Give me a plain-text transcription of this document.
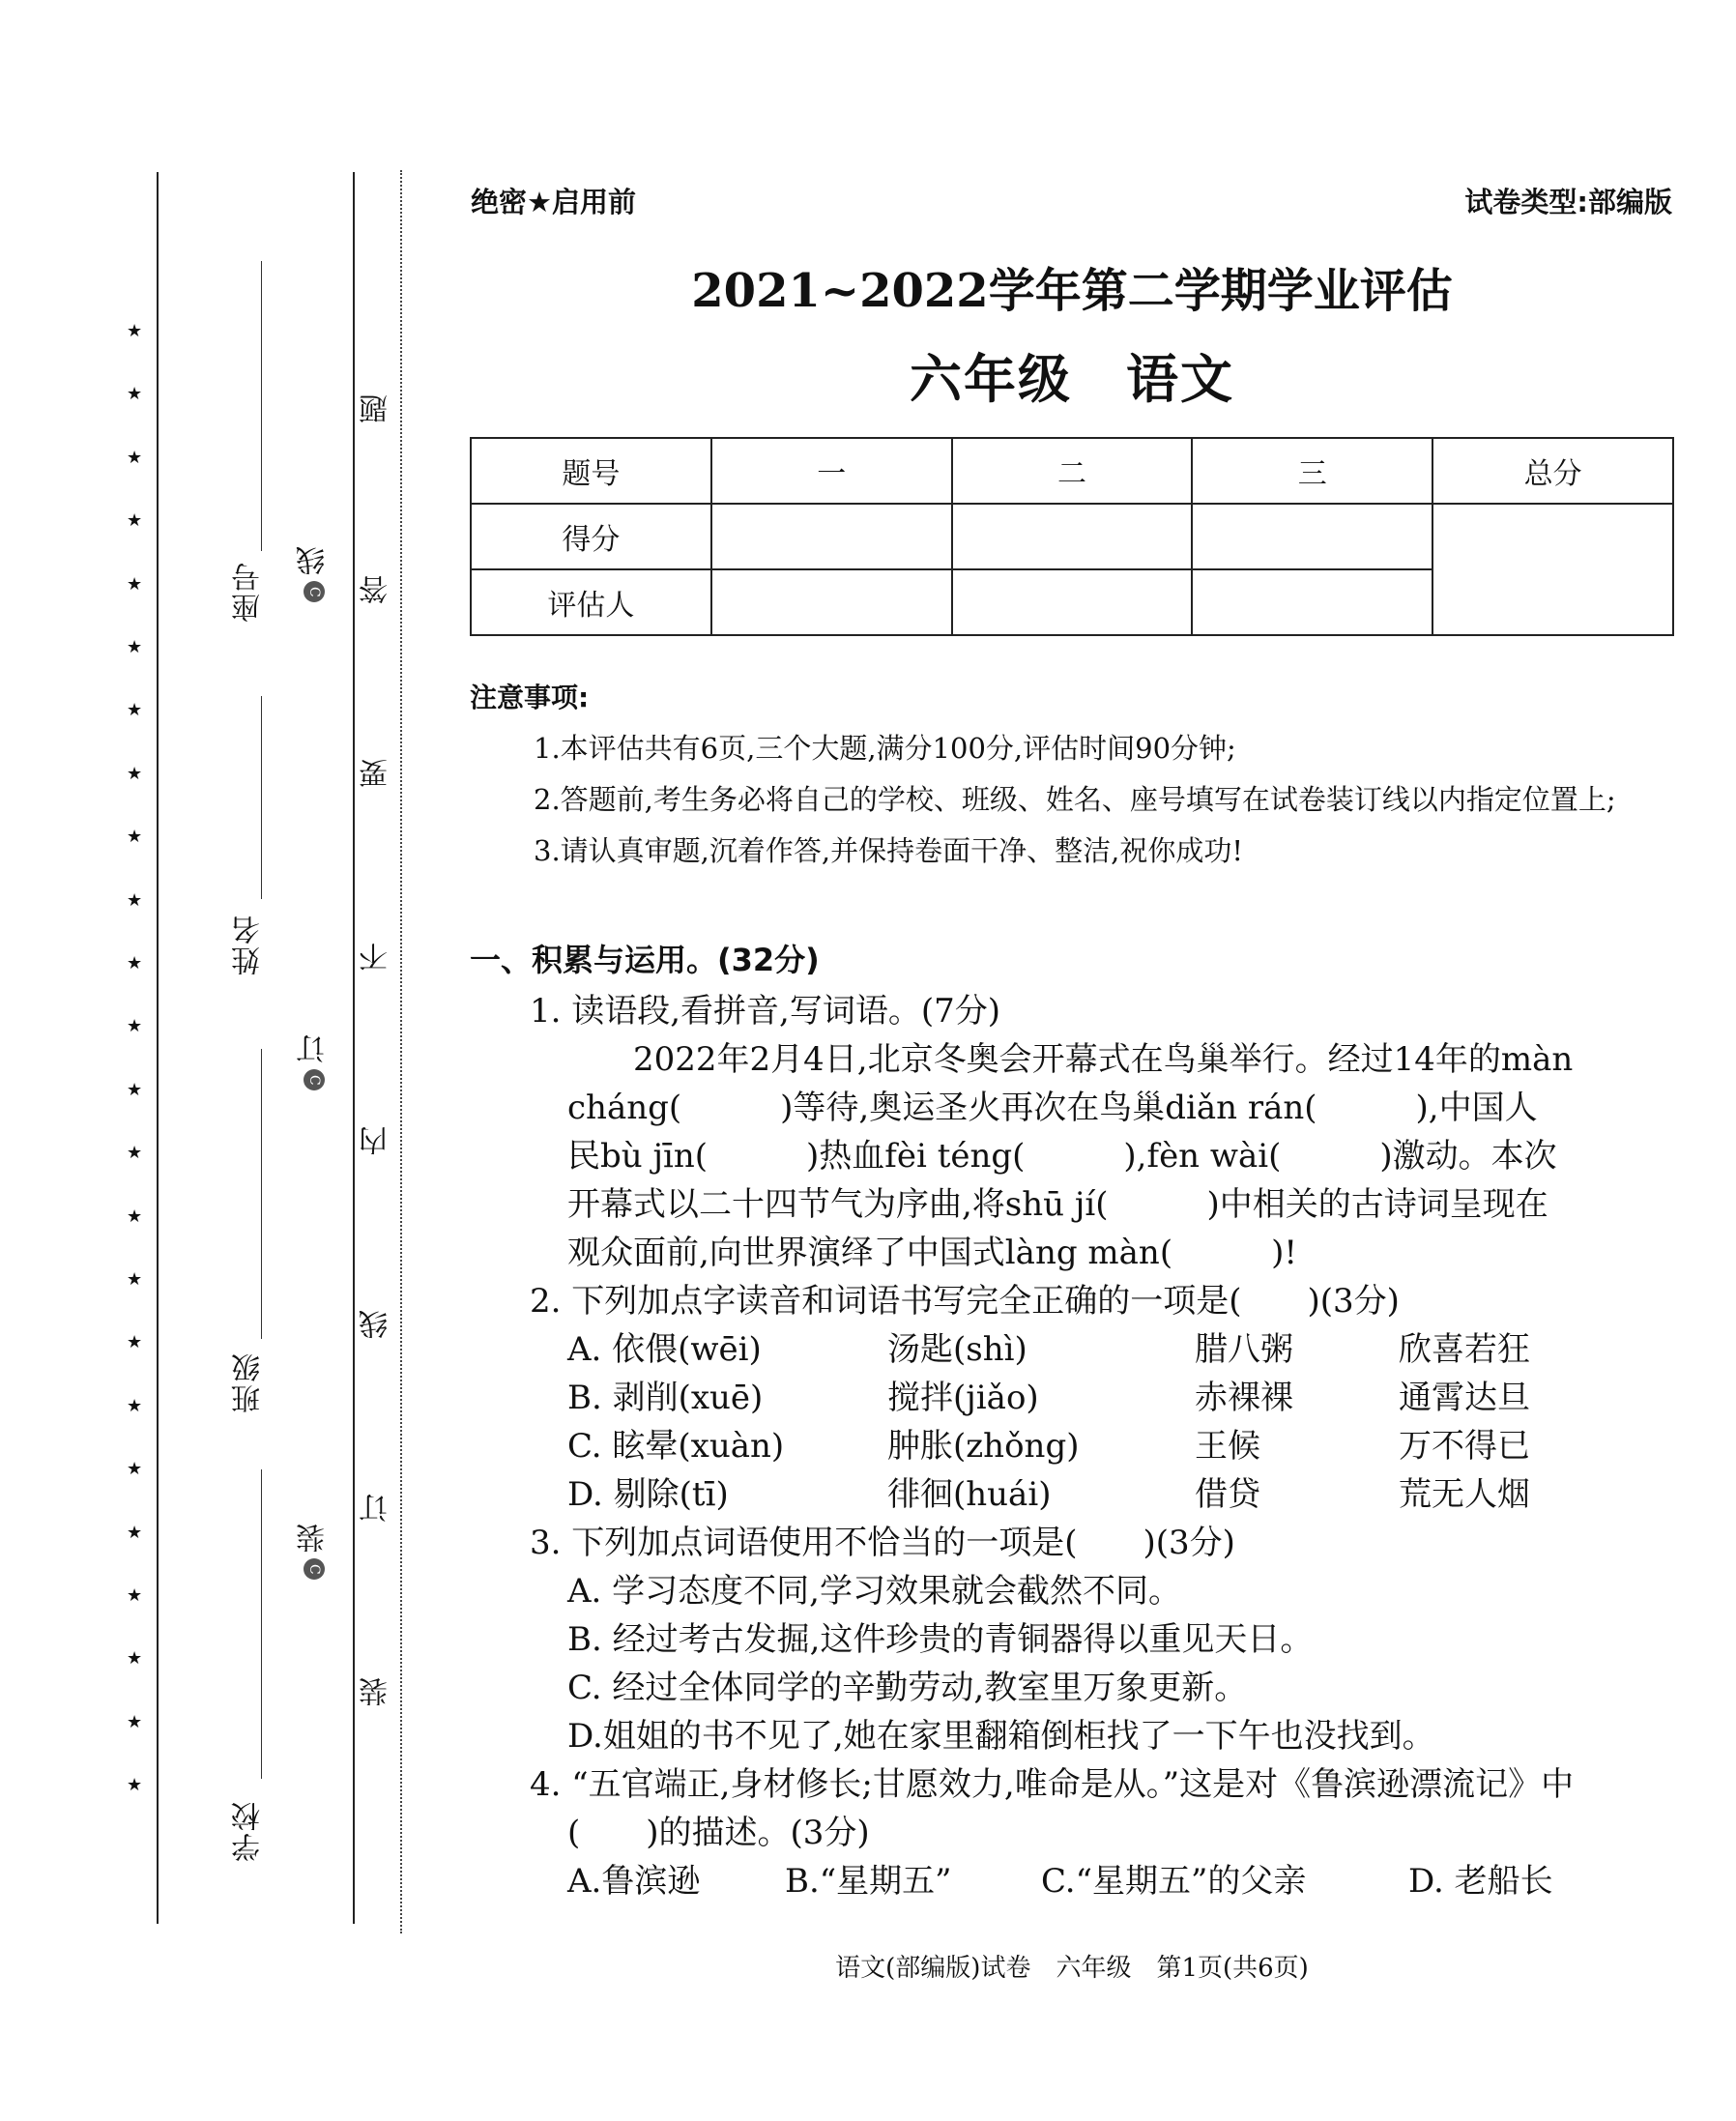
★
★
★
★
★
★
★
★
★
★
★
★
★
★
★
★
★
★
★
★
★
★
★
★
座号
姓名
班级
学校
C线
C订
C装
题
答
要
不
内
线
订
装
绝密★启用前	试卷类型:部编版
2021~2022学年第二学期学业评估
六年级　语文
题号	一	二	三	总分
得分				
评估人				
注意事项:
1.本评估共有6页,三个大题,满分100分,评估时间90分钟;
2.答题前,考生务必将自己的学校、班级、姓名、座号填写在试卷装订线以内指定位置上;
3.请认真审题,沉着作答,并保持卷面干净、整洁,祝你成功!
一、积累与运用。(32分)
1. 读语段,看拼音,写词语。(7分)
　　2022年2月4日,北京冬奥会开幕式在鸟巢举行。经过14年的màn
cháng(　　　)等待,奥运圣火再次在鸟巢diǎn rán(　　　),中国人
民bù jīn(　　　)热血fèi téng(　　　),fèn wài(　　　)激动。本次
开幕式以二十四节气为序曲,将shū jí(　　　)中相关的古诗词呈现在
观众面前,向世界演绎了中国式làng màn(　　　)!
2. 下列加点字读音和词语书写完全正确的一项是(　　)(3分)
A. 依偎(wēi)	汤匙(shì)	腊八粥	欣喜若狂
B. 剥削(xuē)	搅拌(jiǎo)	赤裸裸	通霄达旦
C. 眩晕(xuàn)	肿胀(zhǒng)	王候	万不得已
D. 剔除(tī)	徘徊(huái)	借贷	荒无人烟
3. 下列加点词语使用不恰当的一项是(　　)(3分)
A. 学习态度不同,学习效果就会截然不同。
B. 经过考古发掘,这件珍贵的青铜器得以重见天日。
C. 经过全体同学的辛勤劳动,教室里万象更新。
D.姐姐的书不见了,她在家里翻箱倒柜找了一下午也没找到。
4. “五官端正,身材修长;甘愿效力,唯命是从。”这是对《鲁滨逊漂流记》中
(　　)的描述。(3分)
A.鲁滨逊	B.“星期五”	C.“星期五”的父亲	D. 老船长
语文(部编版)试卷　六年级　第1页(共6页)
